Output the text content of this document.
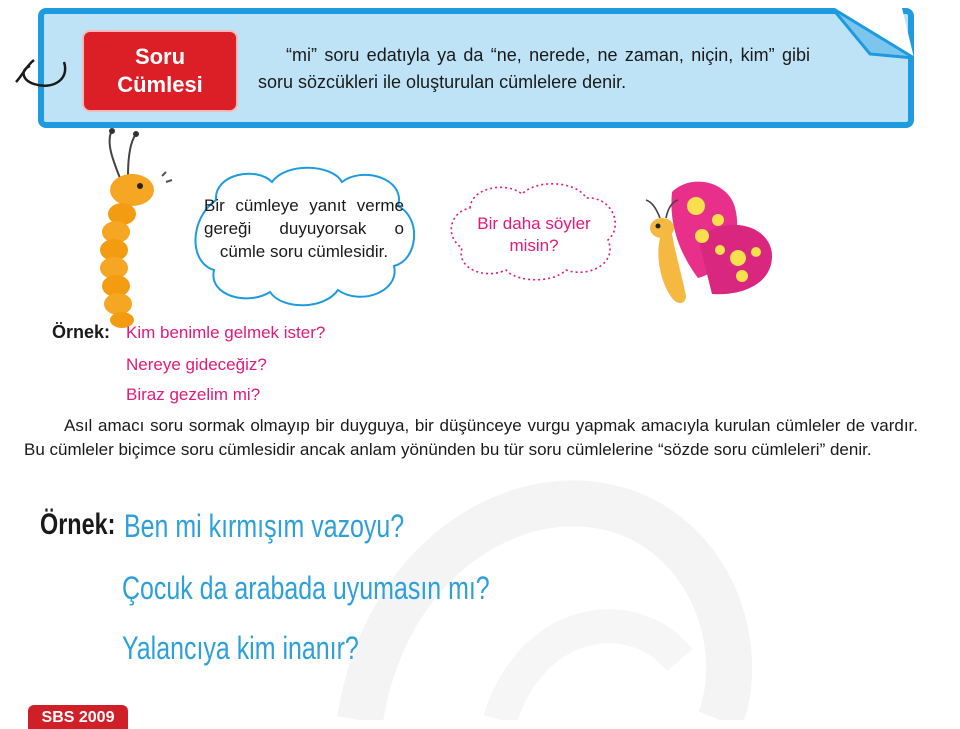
Soru
Cümlesi
“mi” soru edatıyla ya da “ne, nerede, ne zaman, niçin, kim” gibi soru sözcükleri ile oluşturulan cümlelere denir.
Bir cümleye yanıt verme gereği duyuyorsak o cümle soru cümlesidir.
Bir daha söyler
misin?
Örnek: Kim benimle gelmek ister?
Nereye gideceğiz?
Biraz gezelim mi?
Asıl amacı soru sormak olmayıp bir duyguya, bir düşünceye vurgu yapmak amacıyla kurulan cümleler de vardır. Bu cümleler biçimce soru cümlesidir ancak anlam yönünden bu tür soru cümlelerine “sözde soru cümleleri” denir.
Örnek: Ben mi kırmışım vazoyu?
Çocuk da arabada uyumasın mı?
Yalancıya kim inanır?
SBS 2009
